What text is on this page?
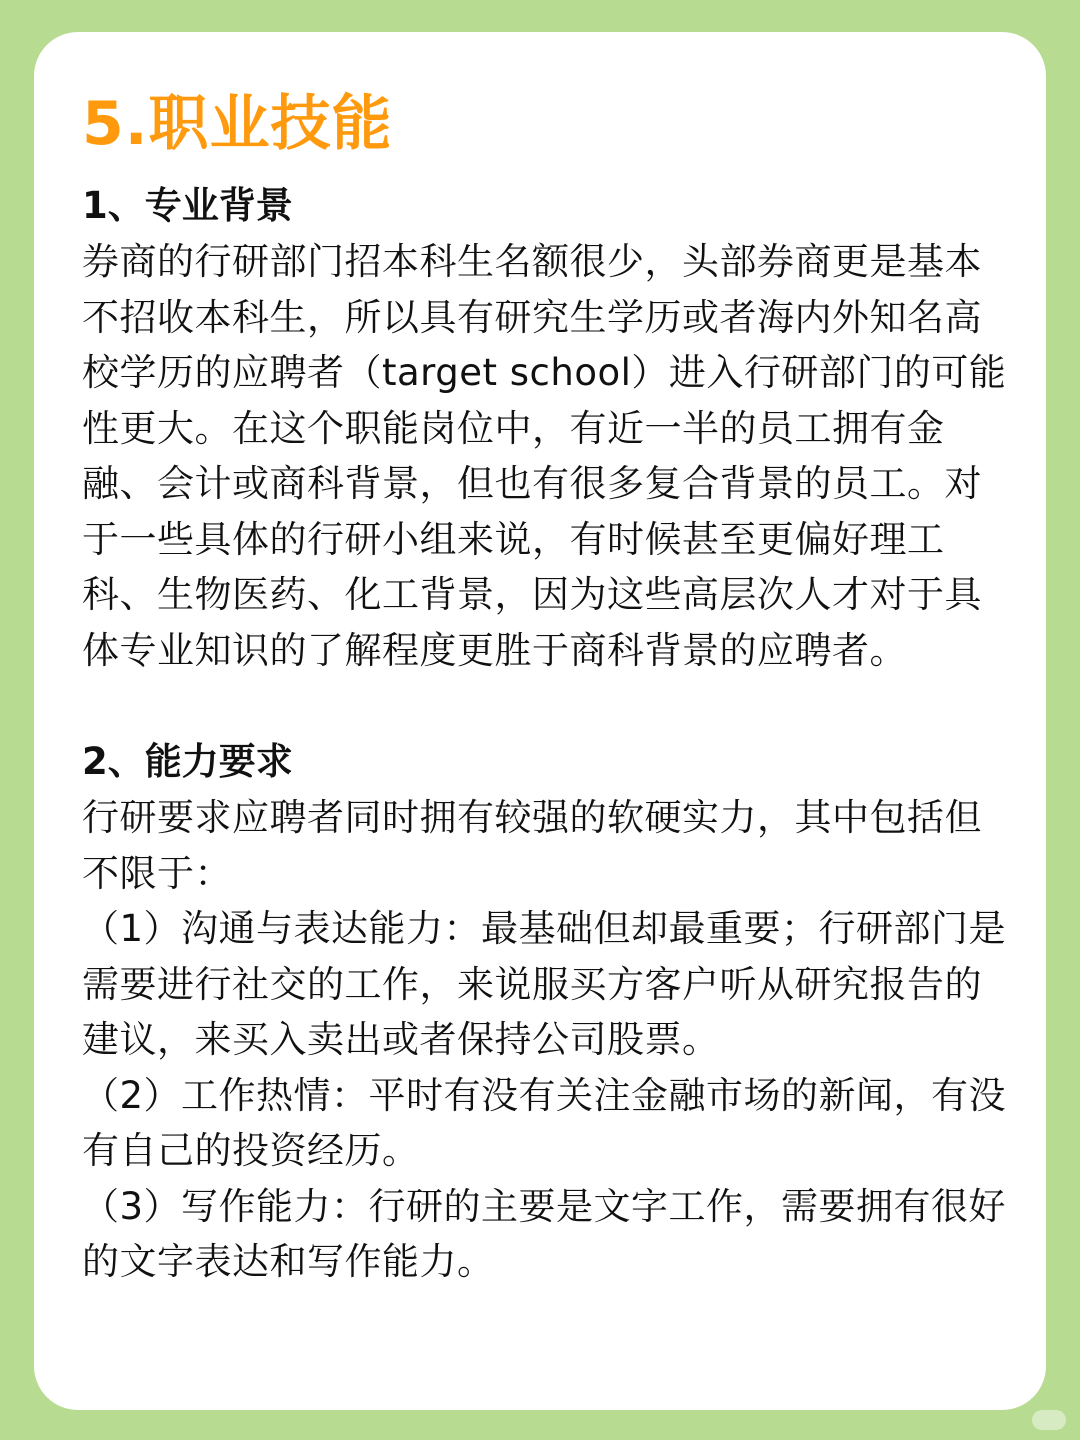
5.职业技能

1、专业背景

券商的行研部门招本科生名额很少，头部券商更是基本不招收本科生，所以具有研究生学历或者海内外知名高校学历的应聘者（target school）进入行研部门的可能性更大。在这个职能岗位中，有近一半的员工拥有金融、会计或商科背景，但也有很多复合背景的员工。对于一些具体的行研小组来说，有时候甚至更偏好理工科、生物医药、化工背景，因为这些高层次人才对于具体专业知识的了解程度更胜于商科背景的应聘者。

2、能力要求

行研要求应聘者同时拥有较强的软硬实力，其中包括但不限于：

（1）沟通与表达能力：最基础但却最重要；行研部门是需要进行社交的工作，来说服买方客户听从研究报告的建议，来买入卖出或者保持公司股票。

（2）工作热情：平时有没有关注金融市场的新闻，有没有自己的投资经历。

（3）写作能力：行研的主要是文字工作，需要拥有很好的文字表达和写作能力。
